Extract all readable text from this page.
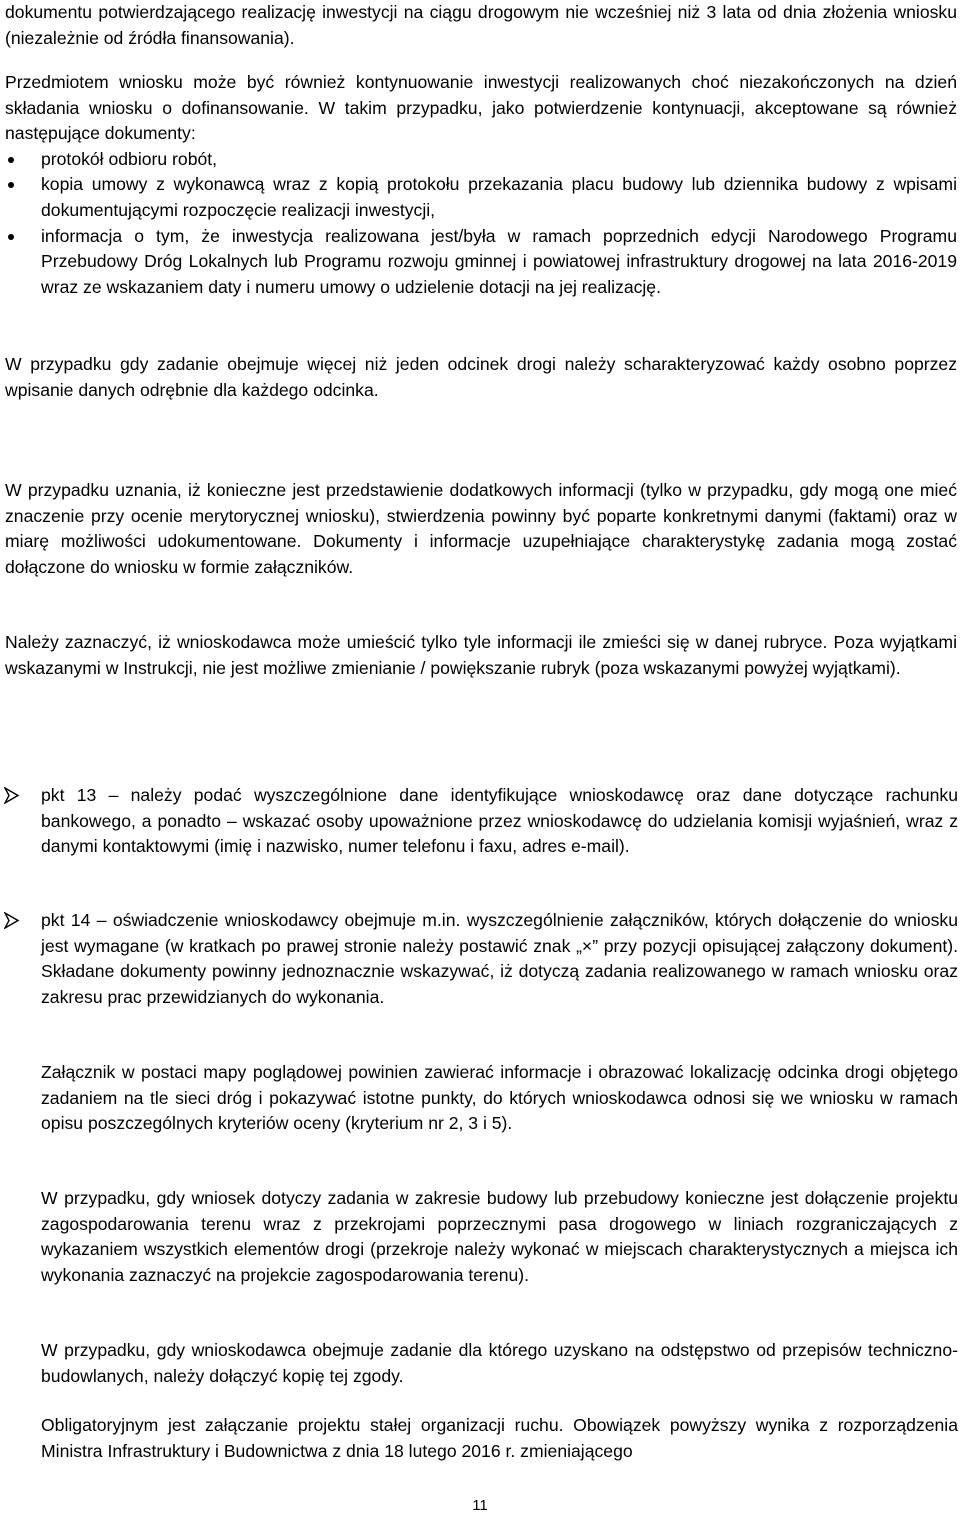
dokumentu potwierdzającego realizację inwestycji na ciągu drogowym nie wcześniej niż 3 lata od dnia złożenia wniosku (niezależnie od źródła finansowania).

Przedmiotem wniosku może być również kontynuowanie inwestycji realizowanych choć niezakończonych na dzień składania wniosku o dofinansowanie. W takim przypadku, jako potwierdzenie kontynuacji, akceptowane są również następujące dokumenty:

protokół odbioru robót,
kopia umowy z wykonawcą wraz z kopią protokołu przekazania placu budowy lub dziennika budowy z wpisami dokumentującymi rozpoczęcie realizacji inwestycji,
informacja o tym, że inwestycja realizowana jest/była w ramach poprzednich edycji Narodowego Programu Przebudowy Dróg Lokalnych lub Programu rozwoju gminnej i powiatowej infrastruktury drogowej na lata 2016-2019 wraz ze wskazaniem daty i numeru umowy o udzielenie dotacji na jej realizację.

W przypadku gdy zadanie obejmuje więcej niż jeden odcinek drogi należy scharakteryzować każdy osobno poprzez wpisanie danych odrębnie dla każdego odcinka.

W przypadku uznania, iż konieczne jest przedstawienie dodatkowych informacji (tylko w przypadku, gdy mogą one mieć znaczenie przy ocenie merytorycznej wniosku), stwierdzenia powinny być poparte konkretnymi danymi (faktami) oraz w miarę możliwości udokumentowane. Dokumenty i informacje uzupełniające charakterystykę zadania mogą zostać dołączone do wniosku w formie załączników.

Należy zaznaczyć, iż wnioskodawca może umieścić tylko tyle informacji ile zmieści się w danej rubryce. Poza wyjątkami wskazanymi w Instrukcji, nie jest możliwe zmienianie / powiększanie rubryk (poza wskazanymi powyżej wyjątkami).

pkt 13 – należy podać wyszczególnione dane identyfikujące wnioskodawcę oraz dane dotyczące rachunku bankowego, a ponadto – wskazać osoby upoważnione przez wnioskodawcę do udzielania komisji wyjaśnień, wraz z danymi kontaktowymi (imię i nazwisko, numer telefonu i faxu, adres e-mail).

pkt 14 – oświadczenie wnioskodawcy obejmuje m.in. wyszczególnienie załączników, których dołączenie do wniosku jest wymagane (w kratkach po prawej stronie należy postawić znak „×” przy pozycji opisującej załączony dokument). Składane dokumenty powinny jednoznacznie wskazywać, iż dotyczą zadania realizowanego w ramach wniosku oraz zakresu prac przewidzianych do wykonania.

Załącznik w postaci mapy poglądowej powinien zawierać informacje i obrazować lokalizację odcinka drogi objętego zadaniem na tle sieci dróg i pokazywać istotne punkty, do których wnioskodawca odnosi się we wniosku w ramach opisu poszczególnych kryteriów oceny (kryterium nr 2, 3 i 5).

W przypadku, gdy wniosek dotyczy zadania w zakresie budowy lub przebudowy konieczne jest dołączenie projektu zagospodarowania terenu wraz z przekrojami poprzecznymi pasa drogowego w liniach rozgraniczających z wykazaniem wszystkich elementów drogi (przekroje należy wykonać w miejscach charakterystycznych a miejsca ich wykonania zaznaczyć na projekcie zagospodarowania terenu).

W przypadku, gdy wnioskodawca obejmuje zadanie dla którego uzyskano na odstępstwo od przepisów techniczno-budowlanych, należy dołączyć kopię tej zgody.

Obligatoryjnym jest załączanie projektu stałej organizacji ruchu. Obowiązek powyższy wynika z rozporządzenia Ministra Infrastruktury i Budownictwa z dnia 18 lutego 2016 r. zmieniającego

11
